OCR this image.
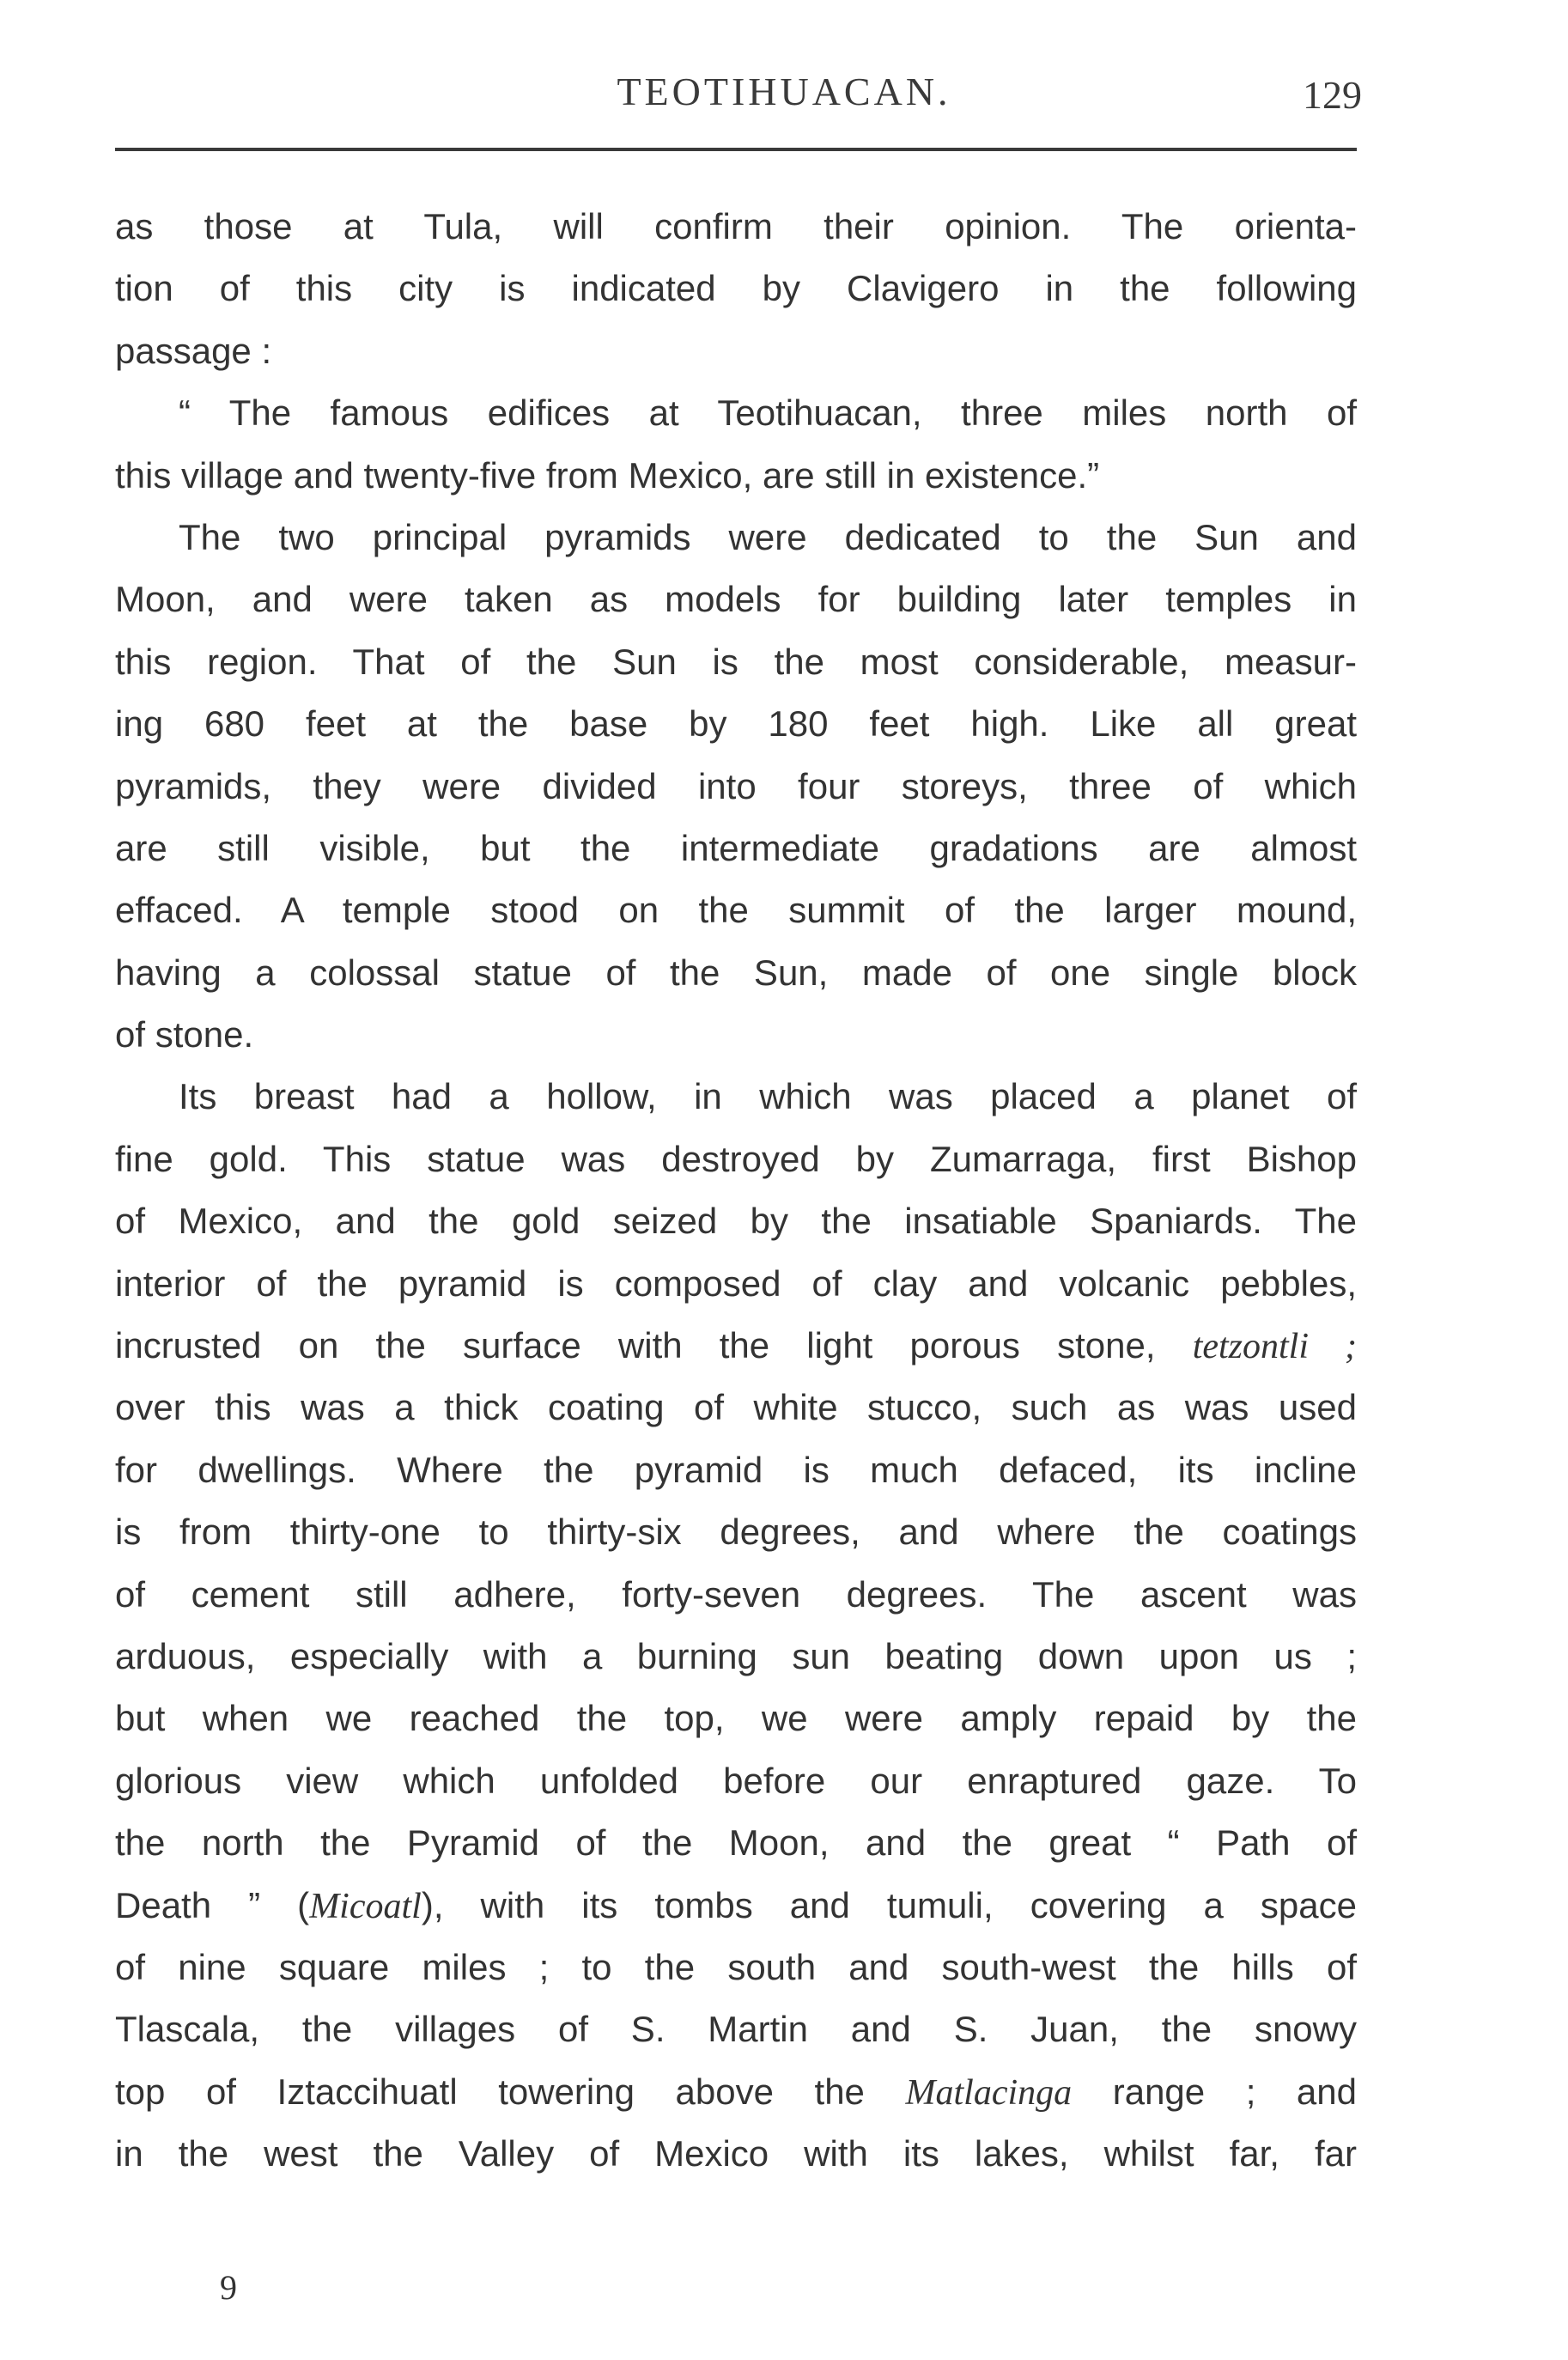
TEOTIHUACAN.	129
as those at Tula, will confirm their opinion. The orienta-
tion of this city is indicated by Clavigero in the following
passage :
“ The famous edifices at Teotihuacan, three miles north of
this village and twenty-five from Mexico, are still in existence.”
The two principal pyramids were dedicated to the Sun and
Moon, and were taken as models for building later temples in
this region. That of the Sun is the most considerable, measur-
ing 680 feet at the base by 180 feet high. Like all great
pyramids, they were divided into four storeys, three of which
are still visible, but the intermediate gradations are almost
effaced. A temple stood on the summit of the larger mound,
having a colossal statue of the Sun, made of one single block
of stone.
Its breast had a hollow, in which was placed a planet of
fine gold. This statue was destroyed by Zumarraga, first Bishop
of Mexico, and the gold seized by the insatiable Spaniards. The
interior of the pyramid is composed of clay and volcanic pebbles,
incrusted on the surface with the light porous stone, tetzontli ;
over this was a thick coating of white stucco, such as was used
for dwellings. Where the pyramid is much defaced, its incline
is from thirty-one to thirty-six degrees, and where the coatings
of cement still adhere, forty-seven degrees. The ascent was
arduous, especially with a burning sun beating down upon us ;
but when we reached the top, we were amply repaid by the
glorious view which unfolded before our enraptured gaze. To
the north the Pyramid of the Moon, and the great “ Path of
Death ” (Micoatl), with its tombs and tumuli, covering a space
of nine square miles ; to the south and south-west the hills of
Tlascala, the villages of S. Martin and S. Juan, the snowy
top of Iztaccihuatl towering above the Matlacinga range ; and
in the west the Valley of Mexico with its lakes, whilst far, far
9
